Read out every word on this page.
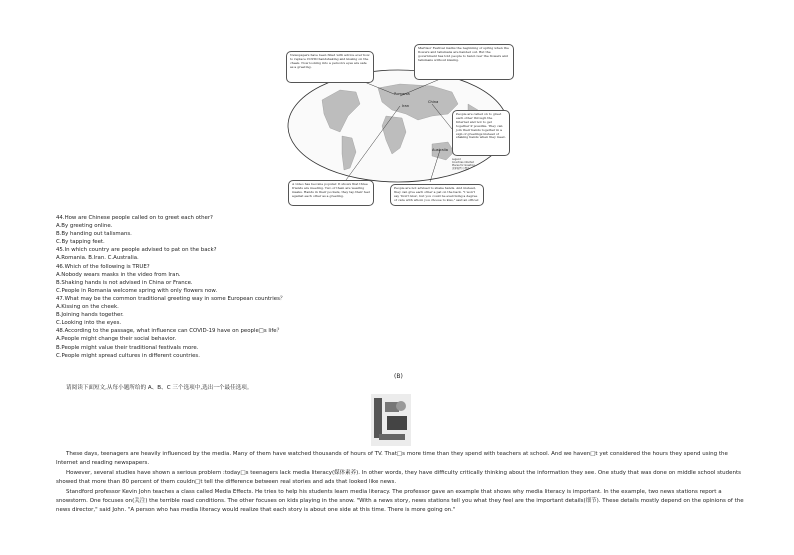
Newspapers have been filled with advice ever how to replace COVID handshaking and kissing on the cheek. Now looking into a person's eyes are safe as a greeting.
Martisor Festival marks the beginning of spring when the flowers and talismans are handed out. But the government has told people to hand over the flowers and talismans without kissing.
People are called on to greet each other through the Internet and not to get together if possible. They can join their hands together in a sign of greetings instead of shaking hands when they meet.
A video has become popular. It shows that three friends are meeting. Two of them are wearing masks. Hands in their pockets, they tap their feet against each other as a greeting.
People are not advised to shake hands. And instead, they can give each other a pat on the back. "I won't say 'Don't kiss', but you could be exercising a degree of care with whom you choose to kiss," said an officer.
Romania
Iran
China
Australia
Legend
Countries infected
Places for Greeting
世界地图 审图号
44.How are Chinese people called on to greet each other?
A.By greeting online.
B.By handing out talismans.
C.By tapping feet.
45.In which country are people advised to pat on the back?
A.Romania. B.Iran. C.Australia.
46.Which of the following is TRUE?
A.Nobody wears masks in the video from Iran.
B.Shaking hands is not advised in China or France.
C.People in Romania welcome spring with only flowers now.
47.What may be the common traditional greeting way in some European countries？
A.Kissing on the cheek.
B.Joining hands together.
C.Looking into the eyes.
48.According to the passage, what influence can COVID-19 have on people□s life？
A.People might change their social behavior.
B.People might value their traditional festivals more.
C.People might spread cultures in different countries.
(B)
请阅读下面短文,从每小题所给的 A、B、C 三个选项中,选出一个最佳选项。

These days, teenagers are heavily influenced by the media. Many of them have watched thousands of hours of TV. That□s more time than they spend with teachers at school. And we haven□t yet considered the hours they spend using the Internet and reading newspapers.

However, several studies have shown a serious problem :today□s teenagers lack media literacy(媒体素养). In other words, they have difficulty critically thinking about the information they see. One study that was done on middle school students showed that more than 80 percent of them couldn□t tell the difference between real stories and ads that looked like news.

Standford professor Kevin John teaches a class called Media Effects. He tries to help his students learn media literacy. The professor gave an example that shows why media literacy is important. In the example, two news stations report a snowstorm. One focuses on(关注) the terrible road conditions. The other focuses on kids playing in the snow. "With a news story, news stations tell you what they feel are the important details(细节). These details mostly depend on the opinions of the news director," said John. "A person who has media literacy would realize that each story is about one side at this time. There is more going on."
